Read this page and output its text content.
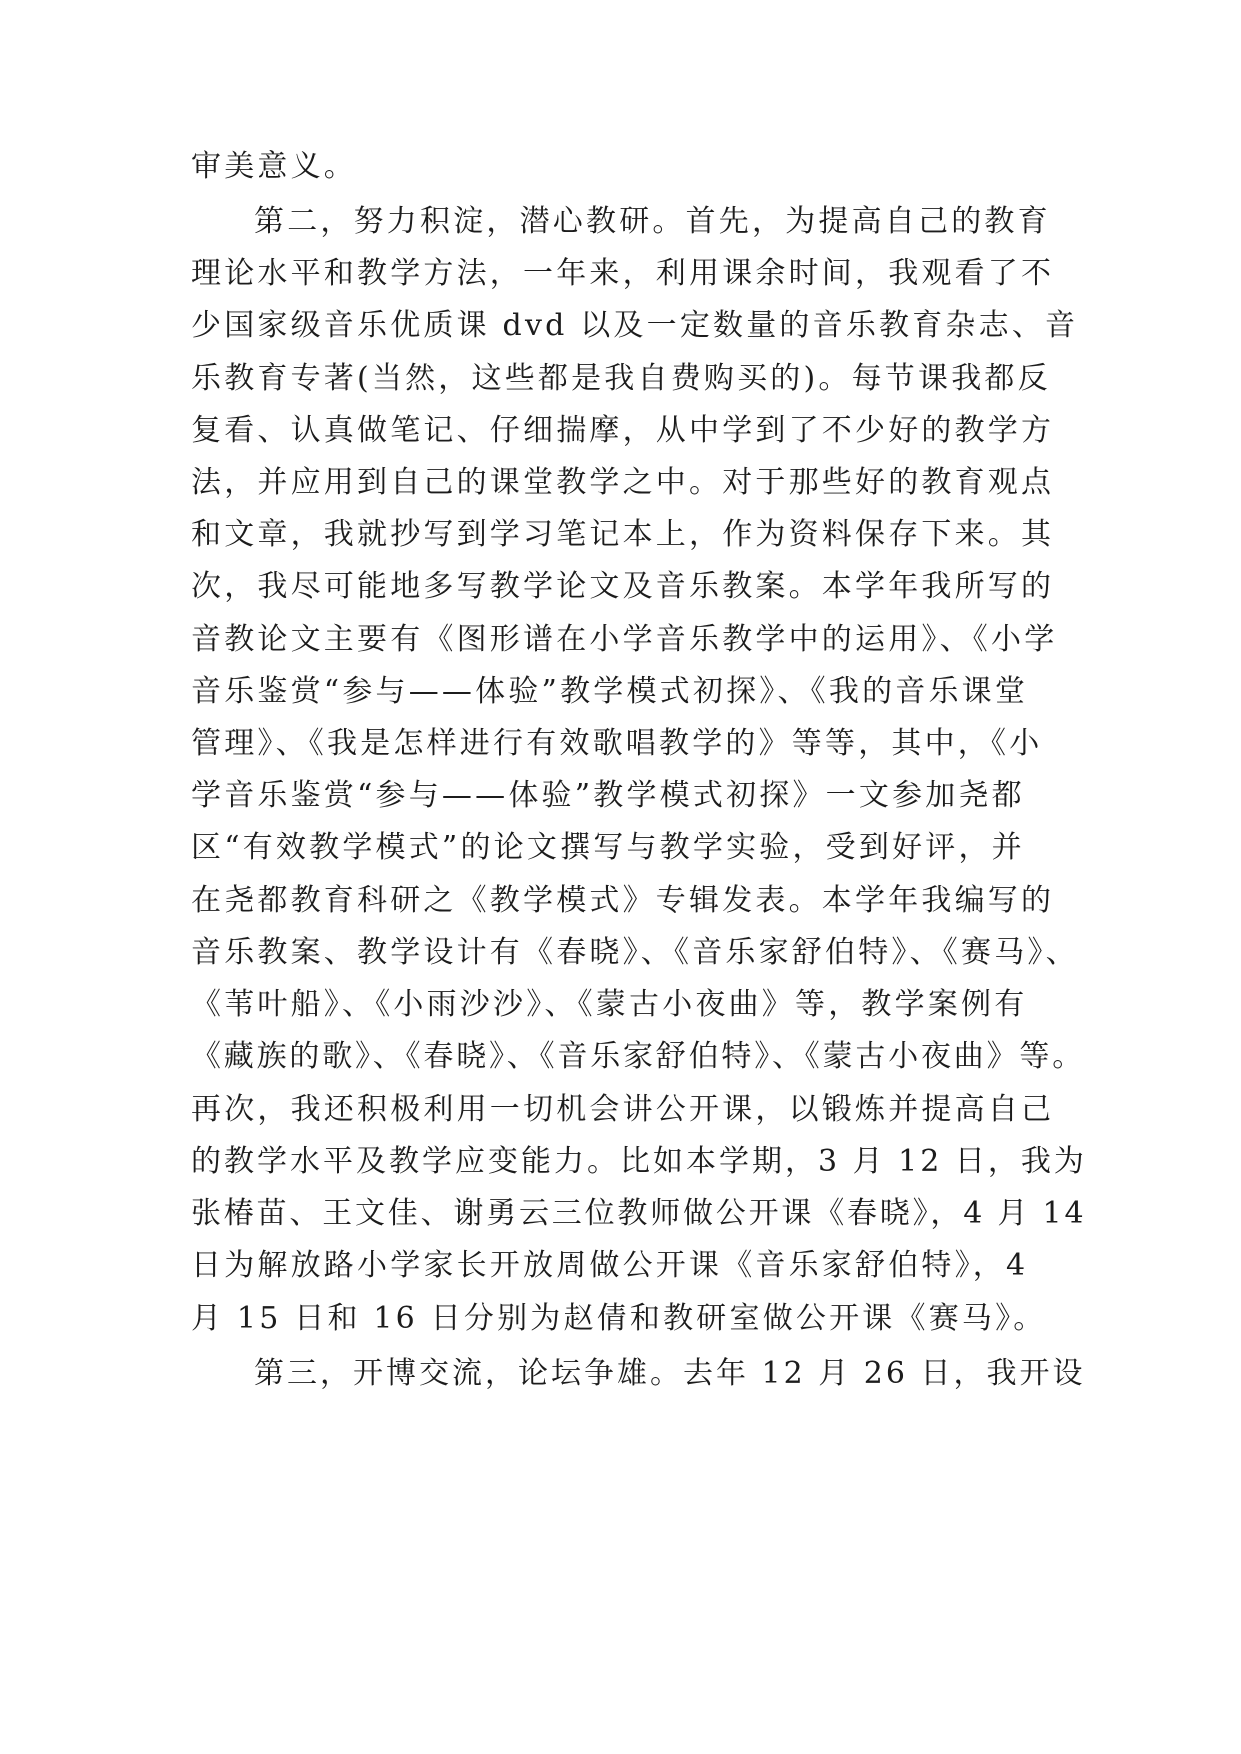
审美意义。
第二，努力积淀，潜心教研。首先，为提高自己的教育
理论水平和教学方法，一年来，利用课余时间，我观看了不
少国家级音乐优质课 dvd 以及一定数量的音乐教育杂志、音
乐教育专著(当然，这些都是我自费购买的)。每节课我都反
复看、认真做笔记、仔细揣摩，从中学到了不少好的教学方
法，并应用到自己的课堂教学之中。对于那些好的教育观点
和文章，我就抄写到学习笔记本上，作为资料保存下来。其
次，我尽可能地多写教学论文及音乐教案。本学年我所写的
音教论文主要有《图形谱在小学音乐教学中的运用》、《小学
音乐鉴赏“参与——体验”教学模式初探》、《我的音乐课堂
管理》、《我是怎样进行有效歌唱教学的》等等，其中，《小
学音乐鉴赏“参与——体验”教学模式初探》一文参加尧都
区“有效教学模式”的论文撰写与教学实验，受到好评，并
在尧都教育科研之《教学模式》专辑发表。本学年我编写的
音乐教案、教学设计有《春晓》、《音乐家舒伯特》、《赛马》、
《苇叶船》、《小雨沙沙》、《蒙古小夜曲》等，教学案例有
《藏族的歌》、《春晓》、《音乐家舒伯特》、《蒙古小夜曲》等。
再次，我还积极利用一切机会讲公开课，以锻炼并提高自己
的教学水平及教学应变能力。比如本学期，3 月 12 日，我为
张椿苗、王文佳、谢勇云三位教师做公开课《春晓》，4 月 14
日为解放路小学家长开放周做公开课《音乐家舒伯特》，4
月 15 日和 16 日分别为赵倩和教研室做公开课《赛马》。
第三，开博交流，论坛争雄。去年 12 月 26 日，我开设
